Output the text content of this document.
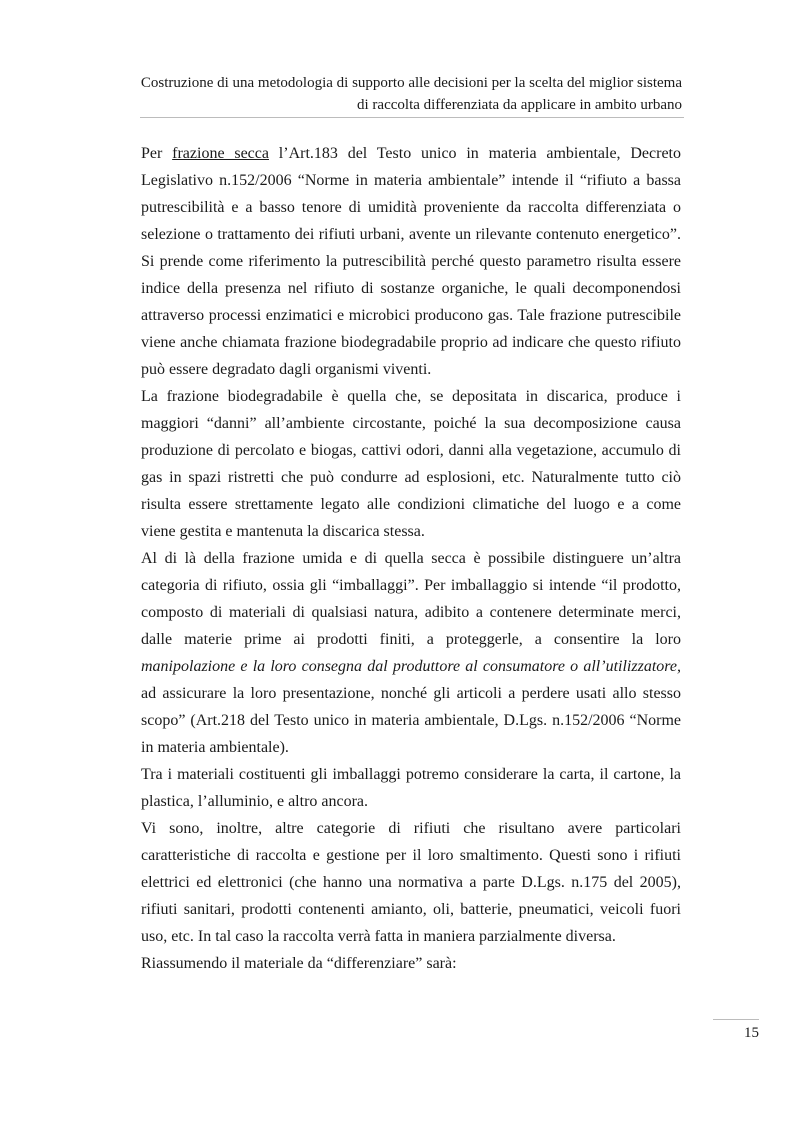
Costruzione di una metodologia di supporto alle decisioni per la scelta del miglior sistema
di raccolta differenziata da applicare in ambito urbano

Per frazione secca l’Art.183 del Testo unico in materia ambientale, Decreto Legislativo n.152/2006 “Norme in materia ambientale” intende il “rifiuto a bassa putrescibilità e a basso tenore di umidità proveniente da raccolta differenziata o selezione o trattamento dei rifiuti urbani, avente un rilevante contenuto energetico”. Si prende come riferimento la putrescibilità perché questo parametro risulta essere indice della presenza nel rifiuto di sostanze organiche, le quali decomponendosi attraverso processi enzimatici e microbici producono gas. Tale frazione putrescibile viene anche chiamata frazione biodegradabile proprio ad indicare che questo rifiuto può essere degradato dagli organismi viventi.

La frazione biodegradabile è quella che, se depositata in discarica, produce i maggiori “danni” all’ambiente circostante, poiché la sua decomposizione causa produzione di percolato e biogas, cattivi odori, danni alla vegetazione, accumulo di gas in spazi ristretti che può condurre ad esplosioni, etc. Naturalmente tutto ciò risulta essere strettamente legato alle condizioni climatiche del luogo e a come viene gestita e mantenuta la discarica stessa.

Al di là della frazione umida e di quella secca è possibile distinguere un’altra categoria di rifiuto, ossia gli “imballaggi”. Per imballaggio si intende “il prodotto, composto di materiali di qualsiasi natura, adibito a contenere determinate merci, dalle materie prime ai prodotti finiti, a proteggerle, a consentire la loro manipolazione e la loro consegna dal produttore al consumatore o all’utilizzatore, ad assicurare la loro presentazione, nonché gli articoli a perdere usati allo stesso scopo” (Art.218 del Testo unico in materia ambientale, D.Lgs. n.152/2006 “Norme in materia ambientale).

Tra i materiali costituenti gli imballaggi potremo considerare la carta, il cartone, la plastica, l’alluminio, e altro ancora.

Vi sono, inoltre, altre categorie di rifiuti che risultano avere particolari caratteristiche di raccolta e gestione per il loro smaltimento. Questi sono i rifiuti elettrici ed elettronici (che hanno una normativa a parte D.Lgs. n.175 del 2005), rifiuti sanitari, prodotti contenenti amianto, oli, batterie, pneumatici, veicoli fuori uso, etc. In tal caso la raccolta verrà fatta in maniera parzialmente diversa.

Riassumendo il materiale da “differenziare” sarà:

15
